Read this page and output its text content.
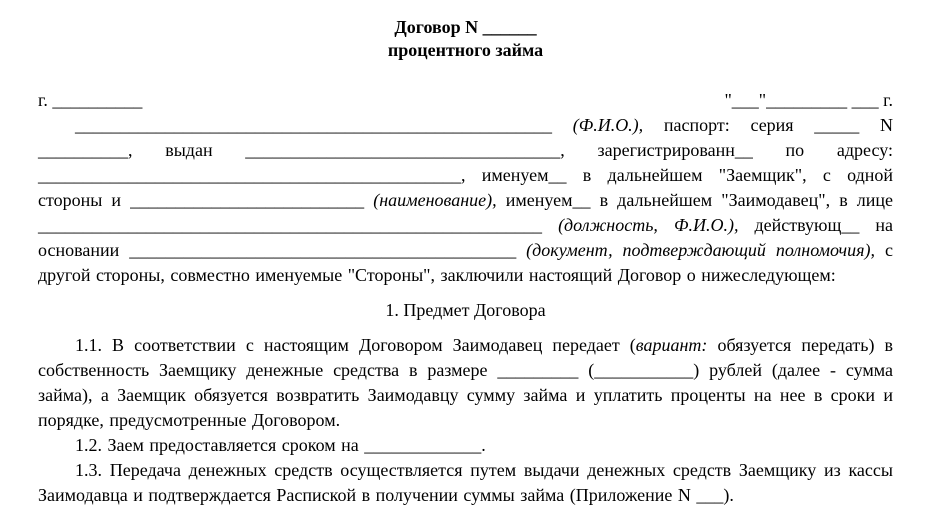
Договор N ______
процентного займа
г. __________	"___"_________ ___ г.

_____________________________________________________ (Ф.И.О.), паспорт: серия _____ N __________, выдан ___________________________________, зарегистрированн__ по адресу: _______________________________________________, именуем__ в дальнейшем "Заемщик", с одной стороны и __________________________ (наименование), именуем__ в дальнейшем "Заимодавец", в лице ________________________________________________________ (должность, Ф.И.О.), действующ__ на основании ___________________________________________ (документ, подтверждающий полномочия), с другой стороны, совместно именуемые "Стороны", заключили настоящий Договор о нижеследующем:

1. Предмет Договора

1.1. В соответствии с настоящим Договором Заимодавец передает (вариант: обязуется передать) в собственность Заемщику денежные средства в размере _________ (___________) рублей (далее - сумма займа), а Заемщик обязуется возвратить Заимодавцу сумму займа и уплатить проценты на нее в сроки и порядке, предусмотренные Договором.

1.2. Заем предоставляется сроком на _____________.

1.3. Передача денежных средств осуществляется путем выдачи денежных средств Заемщику из кассы Заимодавца и подтверждается Распиской в получении суммы займа (Приложение N ___).
